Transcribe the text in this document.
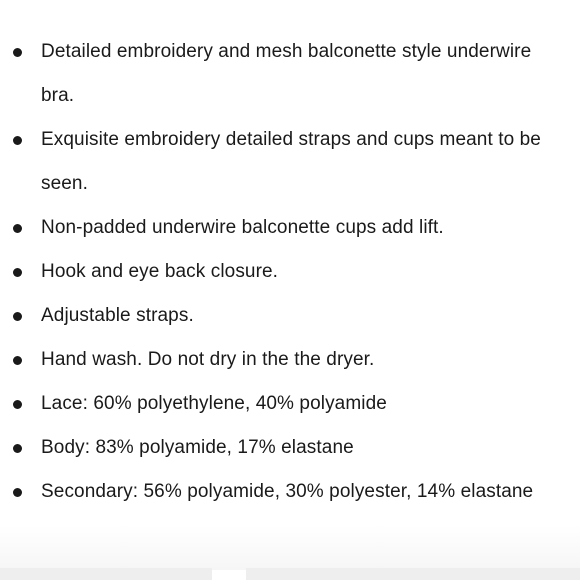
Detailed embroidery and mesh balconette style underwire bra.
Exquisite embroidery detailed straps and cups meant to be seen.
Non-padded underwire balconette cups add lift.
Hook and eye back closure.
Adjustable straps.
Hand wash. Do not dry in the the dryer.
Lace: 60% polyethylene, 40% polyamide
Body: 83% polyamide, 17% elastane
Secondary: 56% polyamide, 30% polyester, 14% elastane
